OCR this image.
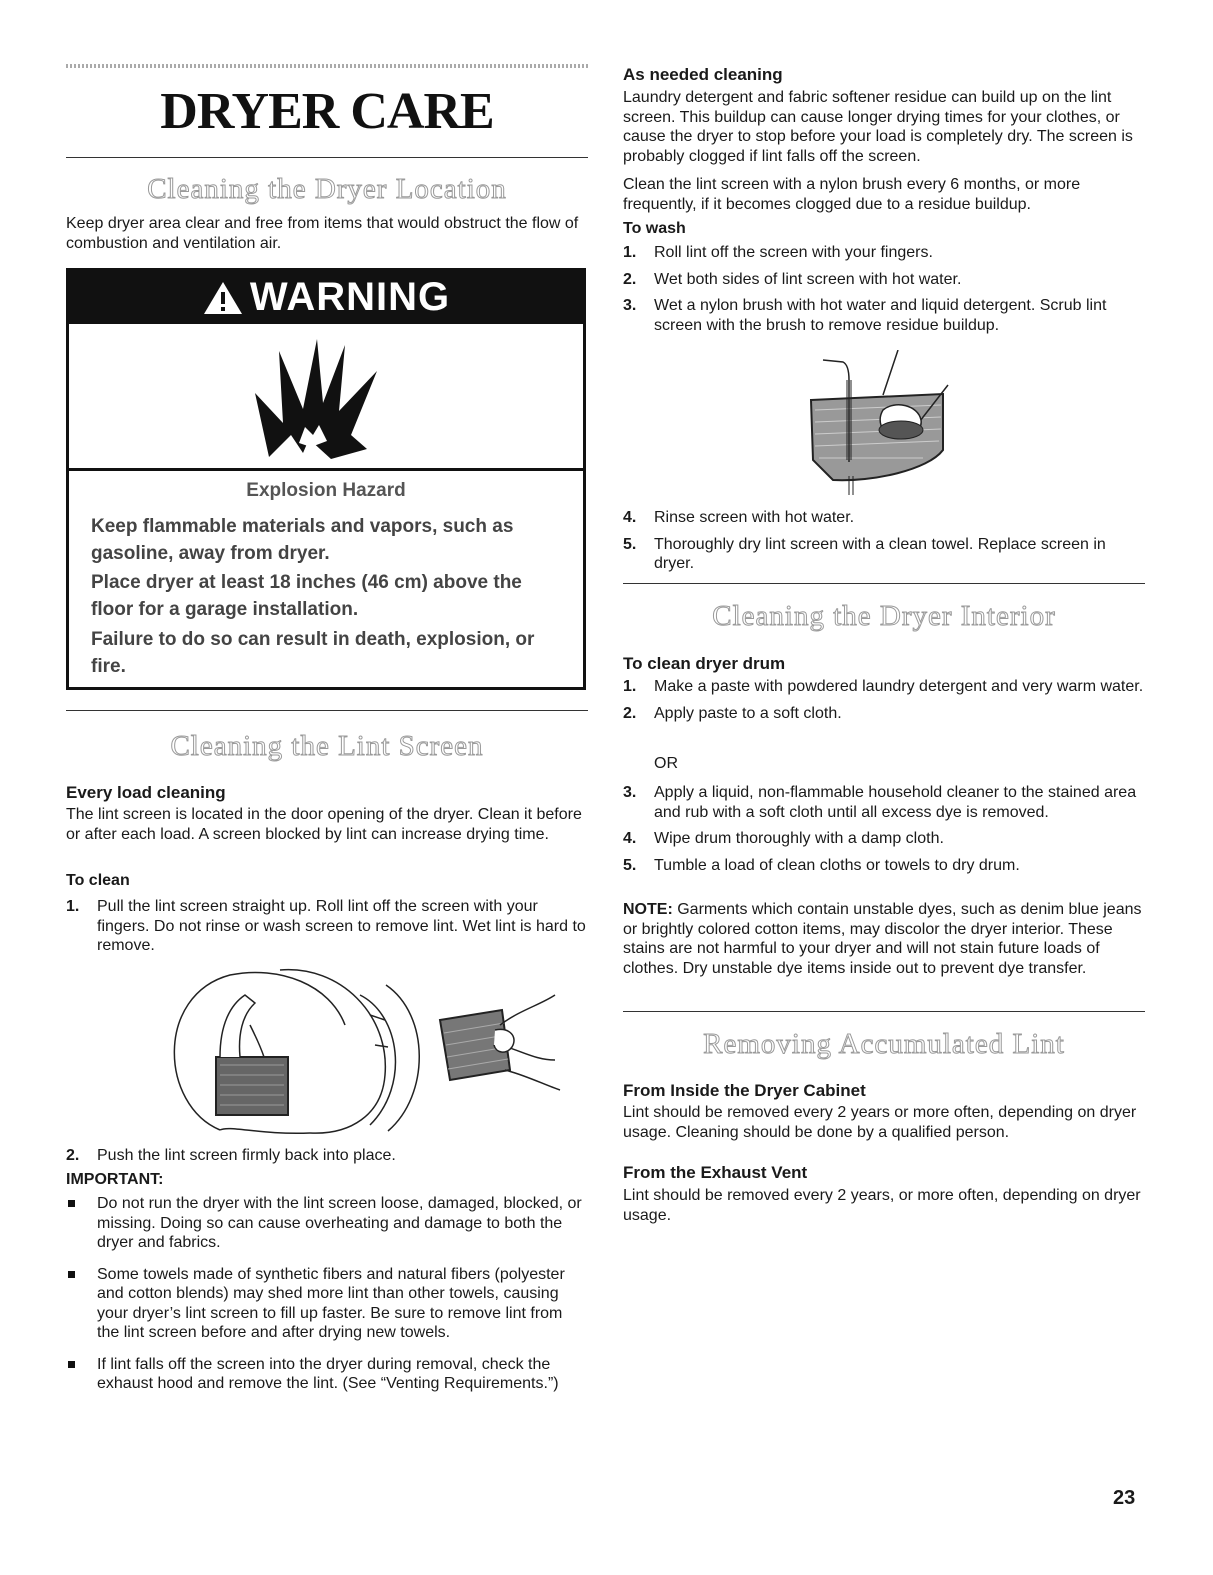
DRYER CARE
Cleaning the Dryer Location

Keep dryer area clear and free from items that would obstruct the flow of combustion and ventilation air.

WARNING
Explosion Hazard
Keep flammable materials and vapors, such as gasoline, away from dryer.
Place dryer at least 18 inches (46 cm) above the floor for a garage installation.
Failure to do so can result in death, explosion, or fire.
Cleaning the Lint Screen
Every load cleaning

The lint screen is located in the door opening of the dryer. Clean it before or after each load. A screen blocked by lint can increase drying time.

To clean
1. Pull the lint screen straight up. Roll lint off the screen with your fingers. Do not rinse or wash screen to remove lint. Wet lint is hard to remove.
2. Push the lint screen firmly back into place.
IMPORTANT:
Do not run the dryer with the lint screen loose, damaged, blocked, or missing. Doing so can cause overheating and damage to both the dryer and fabrics.
Some towels made of synthetic fibers and natural fibers (polyester and cotton blends) may shed more lint than other towels, causing your dryer’s lint screen to fill up faster. Be sure to remove lint from the lint screen before and after drying new towels.
If lint falls off the screen into the dryer during removal, check the exhaust hood and remove the lint. (See “Venting Requirements.”)
As needed cleaning

Laundry detergent and fabric softener residue can build up on the lint screen. This buildup can cause longer drying times for your clothes, or cause the dryer to stop before your load is completely dry. The screen is probably clogged if lint falls off the screen.

Clean the lint screen with a nylon brush every 6 months, or more frequently, if it becomes clogged due to a residue buildup.

To wash
1. Roll lint off the screen with your fingers.
2. Wet both sides of lint screen with hot water.
3. Wet a nylon brush with hot water and liquid detergent. Scrub lint screen with the brush to remove residue buildup.
4. Rinse screen with hot water.
5. Thoroughly dry lint screen with a clean towel. Replace screen in dryer.
Cleaning the Dryer Interior
To clean dryer drum
1. Make a paste with powdered laundry detergent and very warm water.
2. Apply paste to a soft cloth.

OR

3. Apply a liquid, non-flammable household cleaner to the stained area and rub with a soft cloth until all excess dye is removed.
4. Wipe drum thoroughly with a damp cloth.
5. Tumble a load of clean cloths or towels to dry drum.

NOTE: Garments which contain unstable dyes, such as denim blue jeans or brightly colored cotton items, may discolor the dryer interior. These stains are not harmful to your dryer and will not stain future loads of clothes. Dry unstable dye items inside out to prevent dye transfer.

Removing Accumulated Lint
From Inside the Dryer Cabinet

Lint should be removed every 2 years or more often, depending on dryer usage. Cleaning should be done by a qualified person.

From the Exhaust Vent

Lint should be removed every 2 years, or more often, depending on dryer usage.

23
